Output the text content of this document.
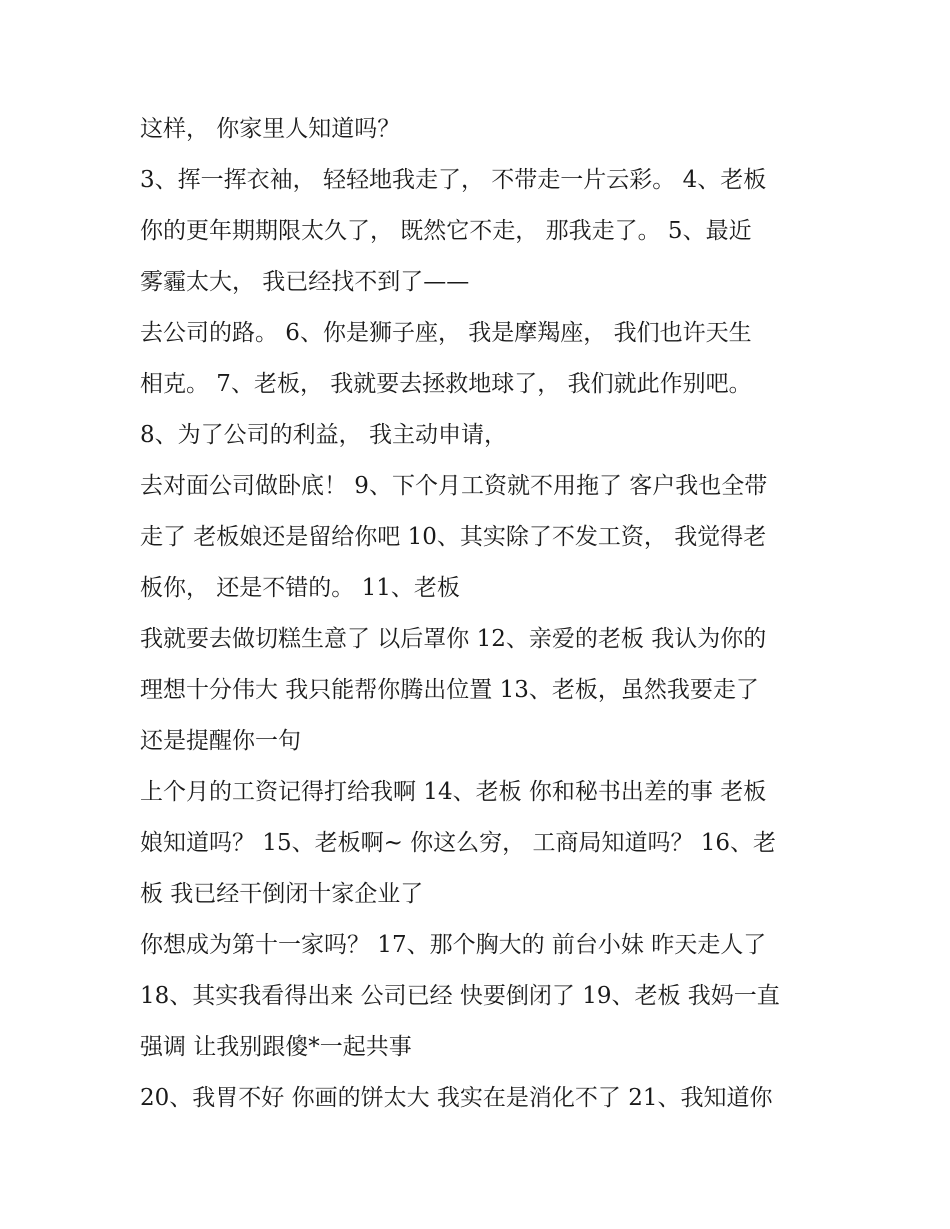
这样， 你家里人知道吗？
3、挥一挥衣袖， 轻轻地我走了， 不带走一片云彩。 4、老板
你的更年期期限太久了， 既然它不走， 那我走了。 5、最近
雾霾太大， 我已经找不到了——
去公司的路。 6、你是狮子座， 我是摩羯座， 我们也许天生
相克。 7、老板， 我就要去拯救地球了， 我们就此作别吧。
8、为了公司的利益， 我主动申请，
去对面公司做卧底！ 9、下个月工资就不用拖了 客户我也全带
走了 老板娘还是留给你吧 10、其实除了不发工资， 我觉得老
板你， 还是不错的。 11、老板
我就要去做切糕生意了 以后罩你 12、亲爱的老板 我认为你的
理想十分伟大 我只能帮你腾出位置 13、老板，虽然我要走了
还是提醒你一句
上个月的工资记得打给我啊 14、老板 你和秘书出差的事 老板
娘知道吗？ 15、老板啊~ 你这么穷， 工商局知道吗？ 16、老
板 我已经干倒闭十家企业了
你想成为第十一家吗？ 17、那个胸大的 前台小妹 昨天走人了
18、其实我看得出来 公司已经 快要倒闭了 19、老板 我妈一直
强调 让我别跟傻*一起共事
20、我胃不好 你画的饼太大 我实在是消化不了 21、我知道你
